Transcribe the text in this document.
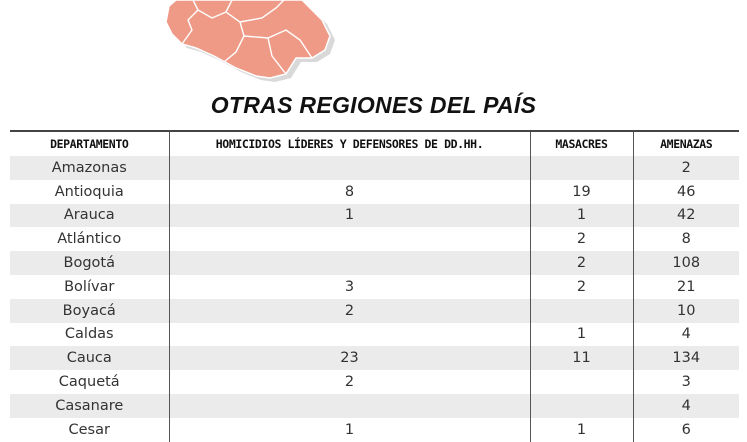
OTRAS REGIONES DEL PAÍS
DEPARTAMENTO	HOMICIDIOS LÍDERES Y DEFENSORES DE DD.HH.	MASACRES	AMENAZAS
Amazonas			2
Antioquia	8	19	46
Arauca	1	1	42
Atlántico		2	8
Bogotá		2	108
Bolívar	3	2	21
Boyacá	2		10
Caldas		1	4
Cauca	23	11	134
Caquetá	2		3
Casanare			4
Cesar	1	1	6
